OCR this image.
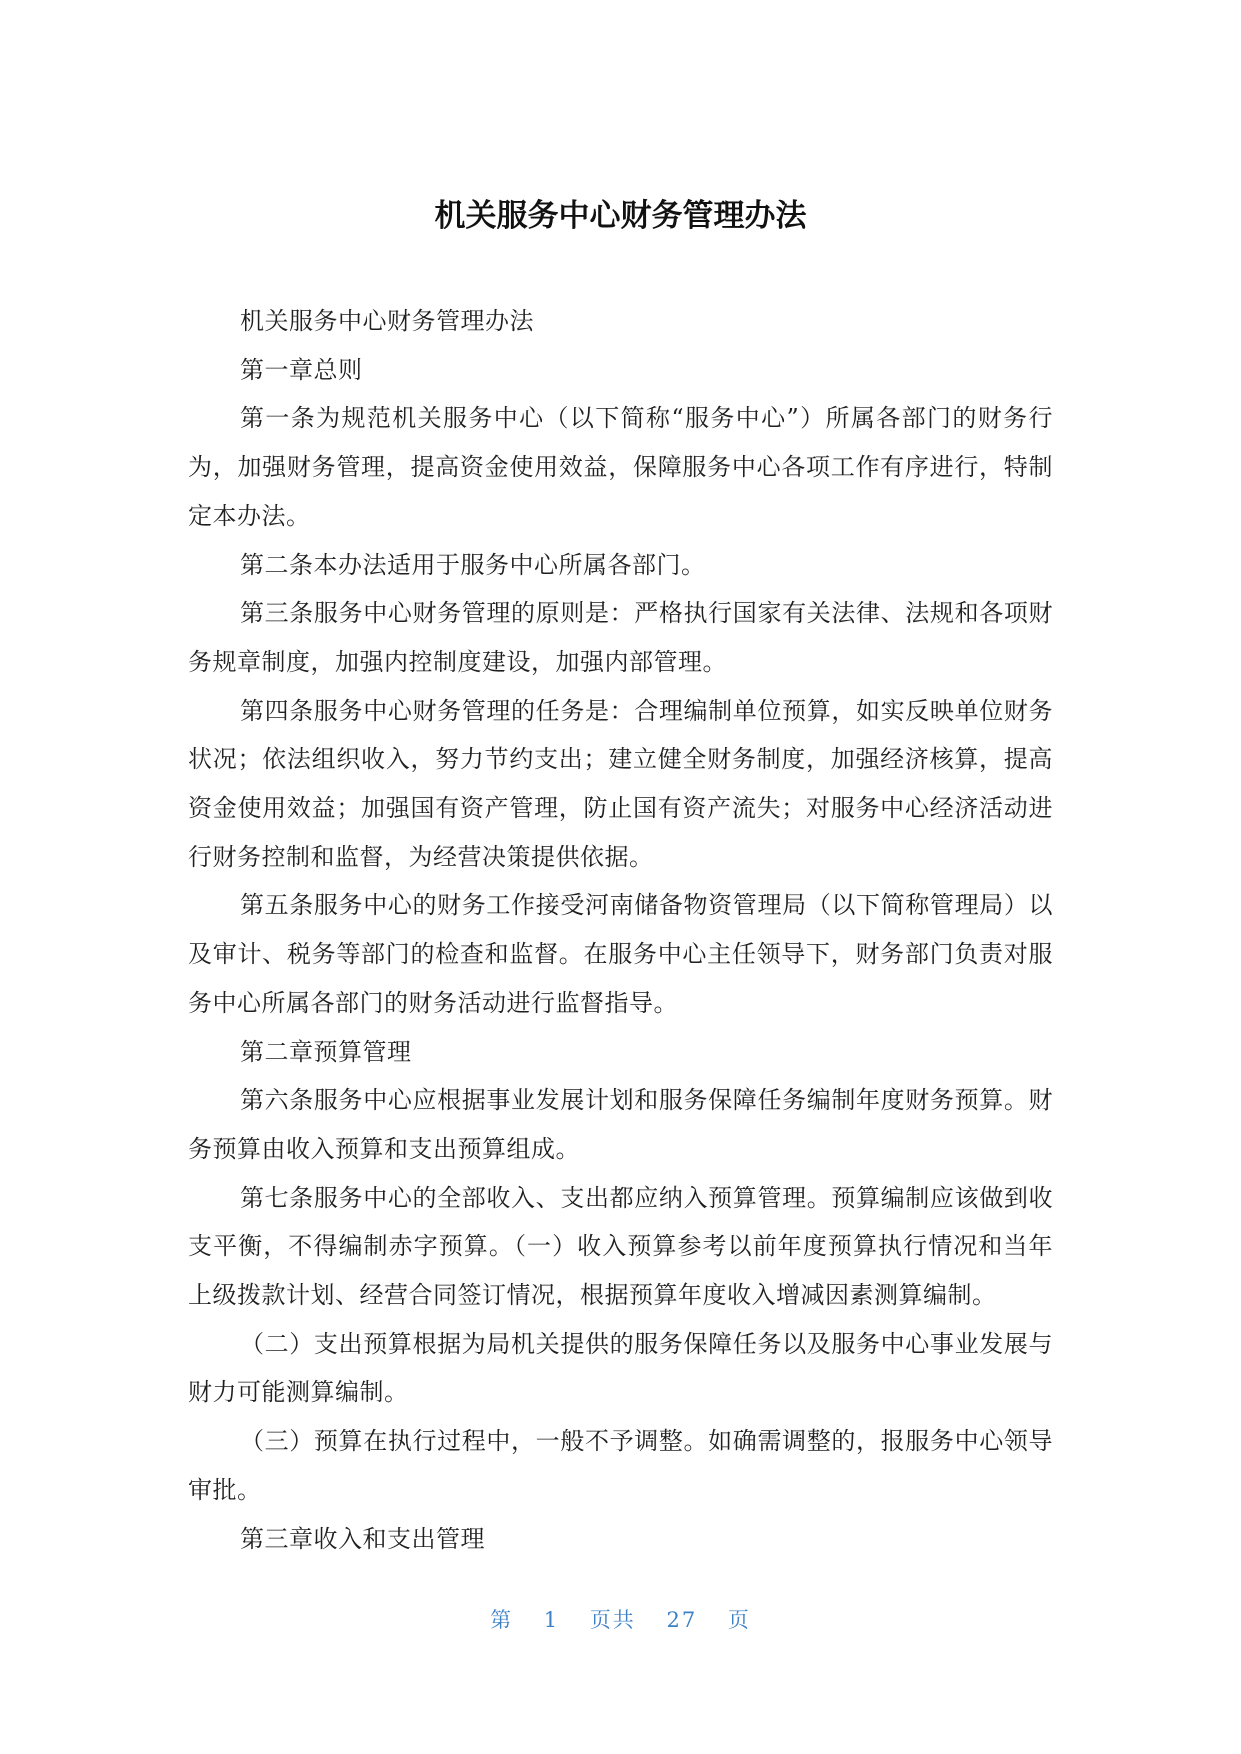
机关服务中心财务管理办法

机关服务中心财务管理办法

第一章总则

第一条为规范机关服务中心（以下简称“服务中心”）所属各部门的财务行为，加强财务管理，提高资金使用效益，保障服务中心各项工作有序进行，特制定本办法。

第二条本办法适用于服务中心所属各部门。

第三条服务中心财务管理的原则是：严格执行国家有关法律、法规和各项财务规章制度，加强内控制度建设，加强内部管理。

第四条服务中心财务管理的任务是：合理编制单位预算，如实反映单位财务状况；依法组织收入，努力节约支出；建立健全财务制度，加强经济核算，提高资金使用效益；加强国有资产管理，防止国有资产流失；对服务中心经济活动进行财务控制和监督，为经营决策提供依据。

第五条服务中心的财务工作接受河南储备物资管理局（以下简称管理局）以及审计、税务等部门的检查和监督。在服务中心主任领导下，财务部门负责对服务中心所属各部门的财务活动进行监督指导。

第二章预算管理

第六条服务中心应根据事业发展计划和服务保障任务编制年度财务预算。财务预算由收入预算和支出预算组成。

第七条服务中心的全部收入、支出都应纳入预算管理。预算编制应该做到收支平衡，不得编制赤字预算。（一）收入预算参考以前年度预算执行情况和当年上级拨款计划、经营合同签订情况，根据预算年度收入增减因素测算编制。

（二）支出预算根据为局机关提供的服务保障任务以及服务中心事业发展与财力可能测算编制。

（三）预算在执行过程中，一般不予调整。如确需调整的，报服务中心领导审批。

第三章收入和支出管理

第 1 页共 27 页
